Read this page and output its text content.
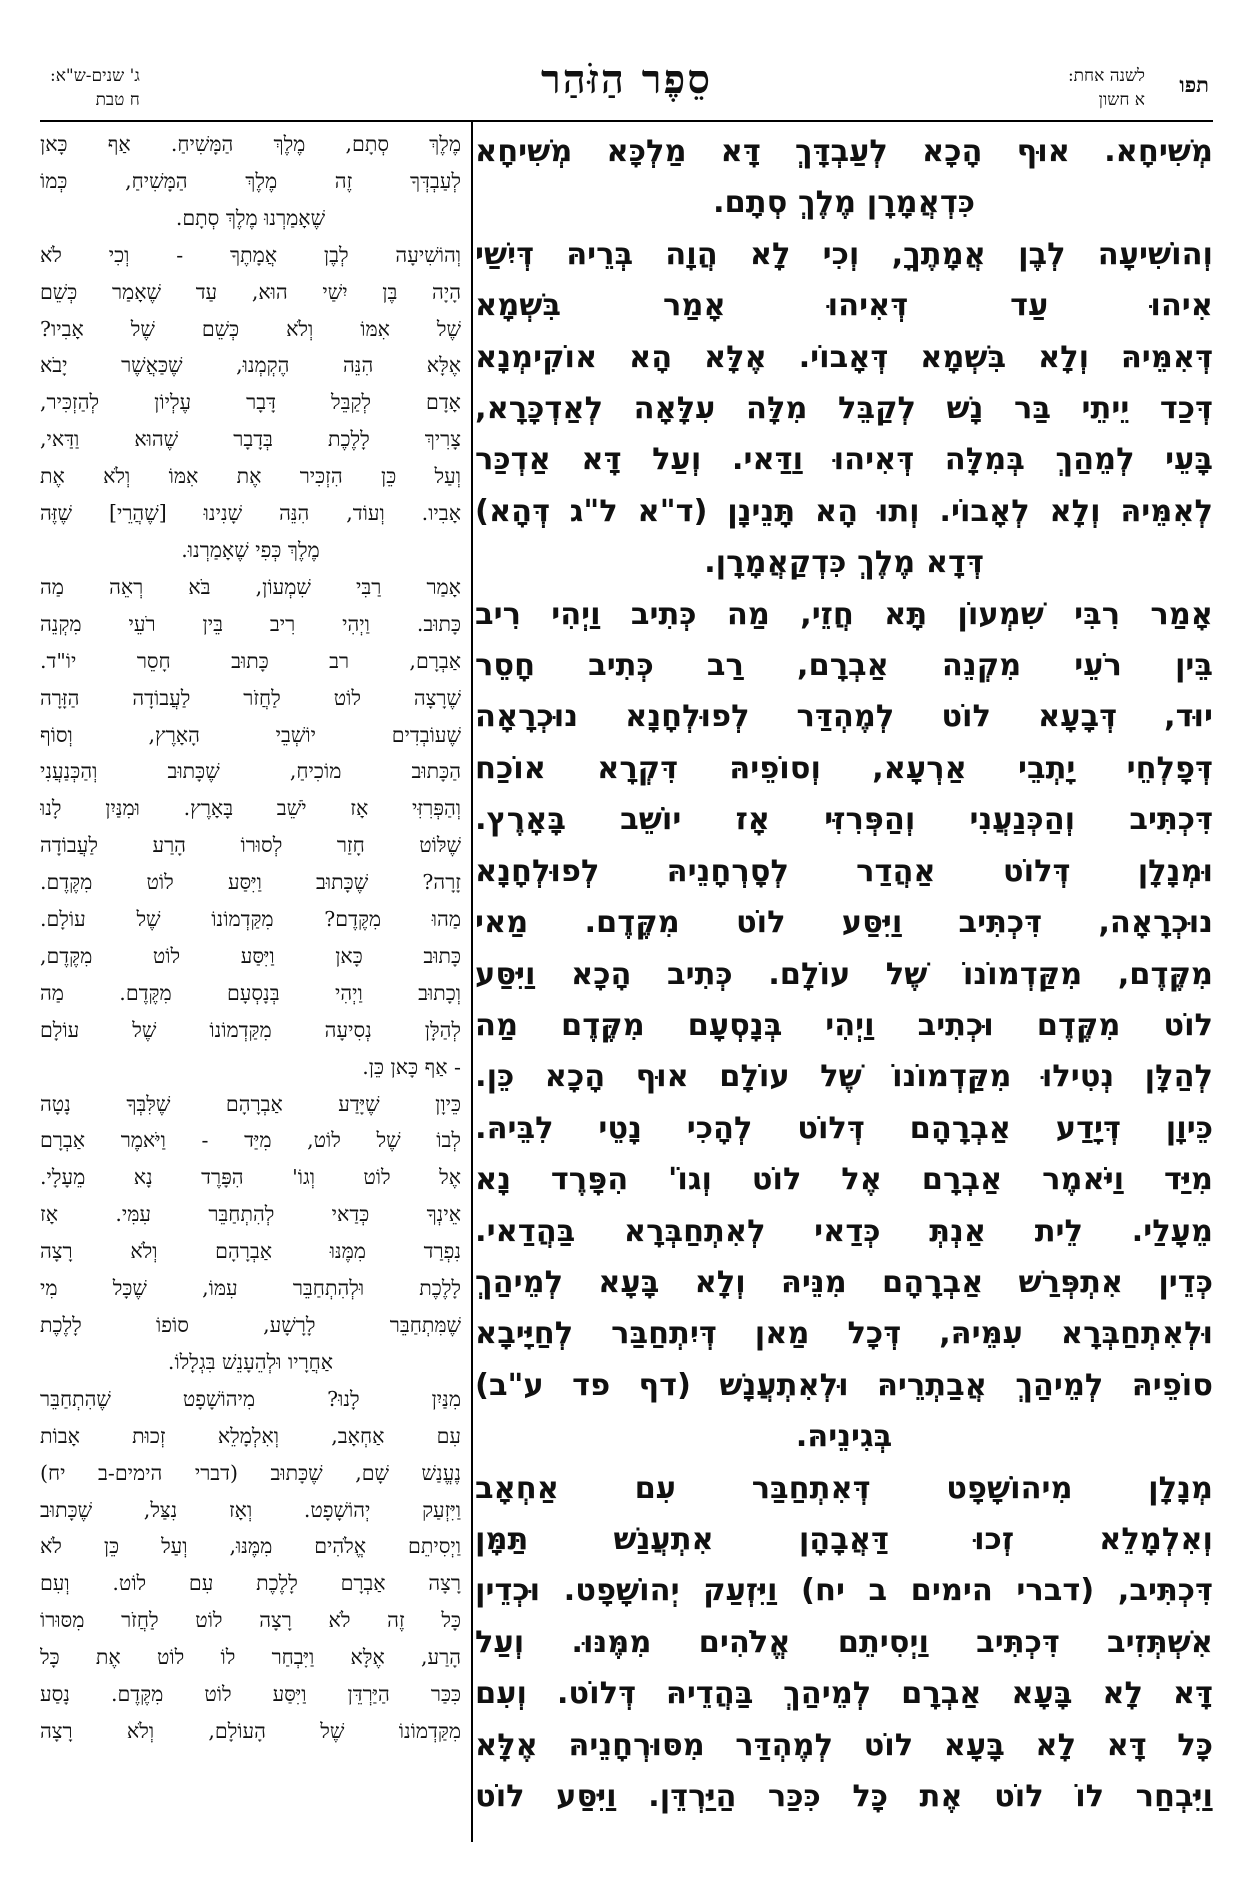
תפו
לשנה אחת:
א חשון
סֵפֶר הַזֹּהַר
ג' שנים-ש"א:
ח טבת
מְשִׁיחָא. אוּף הָכָא לְעַבְדָּךְ דָּא מַלְכָּא מְשִׁיחָא
כִּדְאֲמָרָן מֶלֶךְ סְתָם.
וְהוֹשִׁיעָה לְבֶן אֲמָתֶךָ, וְכִי לָא הֲוָה בְּרֵיהּ דְּיִשַׁי
אִיהוּ עַד דְּאִיהוּ אָמַר בִּשְׁמָא
דְּאִמֵּיהּ וְלָא בִּשְׁמָא דְּאָבוֹי. אֶלָּא הָא אוֹקִימְנָא
דְּכַד יֵיתֵי בַּר נָשׁ לְקַבֵּל מִלָּה עִלָּאָה לְאַדְכָּרָא,
בָּעֵי לְמֵהַךְ בְּמִלָּה דְּאִיהוּ וַדַּאי. וְעַל דָּא אַדְכַּר
לְאִמֵּיהּ וְלָא לְאָבוֹי. וְתוּ הָא תָּנֵינָן (ד"א ל"ג דְּהָא)
דְּדָא מֶלֶךְ כִּדְקַאֲמָרָן.
אָמַר רִבִּי שִׁמְעוֹן תָּא חֲזֵי, מַה כְּתִיב וַיְהִי רִיב
בֵּין רֹעֵי מִקְנֵה אַבְרָם, רַב כְּתִיב חָסֵר
יוּד, דְּבָעָא לוֹט לְמֶהְדַּר לְפוּלְחָנָא נוּכְרָאָה
דְּפָלְחֵי יָתְבֵי אַרְעָא, וְסוֹפֵיהּ דִּקְרָא אוֹכַח
דִּכְתִּיב וְהַכְּנַעֲנִי וְהַפְּרִזִּי אָז יוֹשֵׁב בָּאָרֶץ.
וּמְנָלָן דְּלוֹט אַהֲדַר לְסָרְחָנֵיהּ לְפוּלְחָנָא
נוּכְרָאָה, דִּכְתִּיב וַיִּסַּע לוֹט מִקֶּדֶם. מַאי
מִקֶּדֶם, מִקַּדְמוֹנוֹ שֶׁל עוֹלָם. כְּתִיב הָכָא וַיִּסַּע
לוֹט מִקֶּדֶם וּכְתִיב וַיְהִי בְּנָסְעָם מִקֶּדֶם מַה
לְהַלָּן נְטִילוּ מִקַּדְמוֹנוֹ שֶׁל עוֹלָם אוּף הָכָא כֵּן.
כֵּיוָן דְּיָדַע אַבְרָהָם דְּלוֹט לְהָכִי נָטֵי לִבֵּיהּ.
מִיַּד וַיֹּאמֶר אַבְרָם אֶל לוֹט וְגוֹ' הִפָּרֶד נָא
מֵעָלַי. לֵית אַנְתְּ כְּדַאי לְאִתְחַבְּרָא בַּהֲדַאי.
כְּדֵין אִתְפְּרַשׁ אַבְרָהָם מִנֵּיהּ וְלָא בָּעָא לְמֵיהַךְ
וּלְאִתְחַבְּרָא עִמֵּיהּ, דְּכָל מַאן דְּיִתְחַבַּר לְחַיָּיבָא
סוֹפֵיהּ לְמֵיהַךְ אֲבַתְרֵיהּ וּלְאִתְעֲנָשׁ (דף פד ע"ב)
בְּגִינֵיהּ.
מְנָלָן מִיהוֹשָׁפָט דְּאִתְחַבַּר עִם אַחְאָב
וְאִלְמָלֵא זְכוּ דַּאֲבָהָן אִתְעֲנַשׁ תַּמָּן
דִּכְתִּיב, (דברי הימים ב יח) וַיִּזְעַק יְהוֹשָׁפָט. וּכְדֵין
אִשְׁתְּזִיב דִּכְתִּיב וַיְסִיתֵם אֱלֹהִים מִמֶּנּוּ. וְעַל
דָּא לָא בָּעָא אַבְרָם לְמֵיהַךְ בַּהֲדֵיהּ דְּלוֹט. וְעִם
כָּל דָּא לָא בָּעָא לוֹט לְמֶהְדַּר מִסּוּרְחָנֵיהּ אֶלָּא
וַיִּבְחַר לוֹ לוֹט אֶת כָּל כִּכַּר הַיַּרְדֵּן. וַיִּסַּע לוֹט
מֶלֶךְ סְתָם, מֶלֶךְ הַמָּשִׁיחַ. אַף כָּאן
לְעַבְדְּךָ זֶה מֶלֶךְ הַמָּשִׁיחַ, כְּמוֹ
שֶׁאָמַרְנוּ מֶלֶךְ סְתָם.
וְהוֹשִׁיעָה לְבֶן אֲמָתֶךָ - וְכִי לֹא
הָיָה בֶּן יִשַׁי הוּא, עַד שֶׁאָמַר כְּשֵׁם
שֶׁל אִמּוֹ וְלֹא כְּשֵׁם שֶׁל אָבִיו?
אֶלָּא הִנֵּה הֶקְמְנוּ, שֶׁכַּאֲשֶׁר יָבֹא
אָדָם לְקַבֵּל דָּבָר עֶלְיוֹן לְהַזְכִּיר,
צָרִיךְ לָלֶכֶת בְּדָבָר שֶׁהוּא וַדַּאי,
וְעַל כֵּן הִזְכִּיר אֶת אִמּוֹ וְלֹא אֶת
אָבִיו. וְעוֹד, הִנֵּה שָׁנִינוּ [שֶׁהֲרֵי] שֶׁזֶּה
מֶלֶךְ כְּפִי שֶׁאָמַרְנוּ.
אָמַר רַבִּי שִׁמְעוֹן, בֹּא רְאֵה מַה
כָּתוּב. וַיְהִי רִיב בֵּין רֹעֵי מִקְנֵה
אַבְרָם, רב כָּתוּב חָסֵר יוֹ"ד.
שֶׁרָצָה לוֹט לַחֲזֹר לַעֲבוֹדָה הַזָּרָה
שֶׁעוֹבְדִים יוֹשְׁבֵי הָאָרֶץ, וְסוֹף
הַכָּתוּב מוֹכִיחַ, שֶׁכָּתוּב וְהַכְּנַעֲנִי
וְהַפְּרִזִּי אָז יֹשֵׁב בָּאָרֶץ. וּמִנַּיִן לָנוּ
שֶׁלּוֹט חָזַר לְסוּרוֹ הָרַע לַעֲבוֹדָה
זָרָה? שֶׁכָּתוּב וַיִּסַּע לוֹט מִקֶּדֶם.
מַהוּ מִקֶּדֶם? מִקַּדְמוֹנוֹ שֶׁל עוֹלָם.
כָּתוּב כָּאן וַיִּסַּע לוֹט מִקֶּדֶם,
וְכָתוּב וַיְהִי בְּנָסְעָם מִקֶּדֶם. מַה
לְהַלָּן נְסִיעָה מִקַּדְמוֹנוֹ שֶׁל עוֹלָם
- אַף כָּאן כֵּן.
כֵּיוָן שֶׁיָּדַע אַבְרָהָם שֶׁלִּבְּךָ נָטָה
לְבוֹ שֶׁל לוֹט, מִיַּד - וַיֹּאמֶר אַבְרָם
אֶל לוֹט וְגוֹ' הִפָּרֶד נָא מֵעָלָי.
אֵינְךָ כְּדַאי לְהִתְחַבֵּר עִמִּי. אָז
נִפְרַד מִמֶּנּוּ אַבְרָהָם וְלֹא רָצָה
לָלֶכֶת וּלְהִתְחַבֵּר עִמּוֹ, שֶׁכָּל מִי
שֶׁמִּתְחַבֵּר לָרָשָׁע, סוֹפוֹ לָלֶכֶת
אַחֲרָיו וּלְהֵעָנֵשׁ בִּגְלָלוֹ.
מִנַּיִן לָנוּ? מִיהוֹשָׁפָט שֶׁהִתְחַבֵּר
עִם אַחְאָב, וְאִלְמָלֵא זְכוּת אָבוֹת
נֶעֱנַשׁ שָׁם, שֶׁכָּתוּב (דברי הימים-ב יח)
וַיִּזְעַק יְהוֹשָׁפָט. וְאָז נִצַּל, שֶׁכָּתוּב
וַיְסִיתֵם אֱלֹהִים מִמֶּנּוּ, וְעַל כֵּן לֹא
רָצָה אַבְרָם לָלֶכֶת עִם לוֹט. וְעִם
כָּל זֶה לֹא רָצָה לוֹט לַחֲזֹר מִסּוּרוֹ
הָרַע, אֶלָּא וַיִּבְחַר לוֹ לוֹט אֶת כָּל
כִּכַּר הַיַּרְדֵּן וַיִּסַּע לוֹט מִקֶּדֶם. נָסַע
מִקַּדְמוֹנוֹ שֶׁל הָעוֹלָם, וְלֹא רָצָה
